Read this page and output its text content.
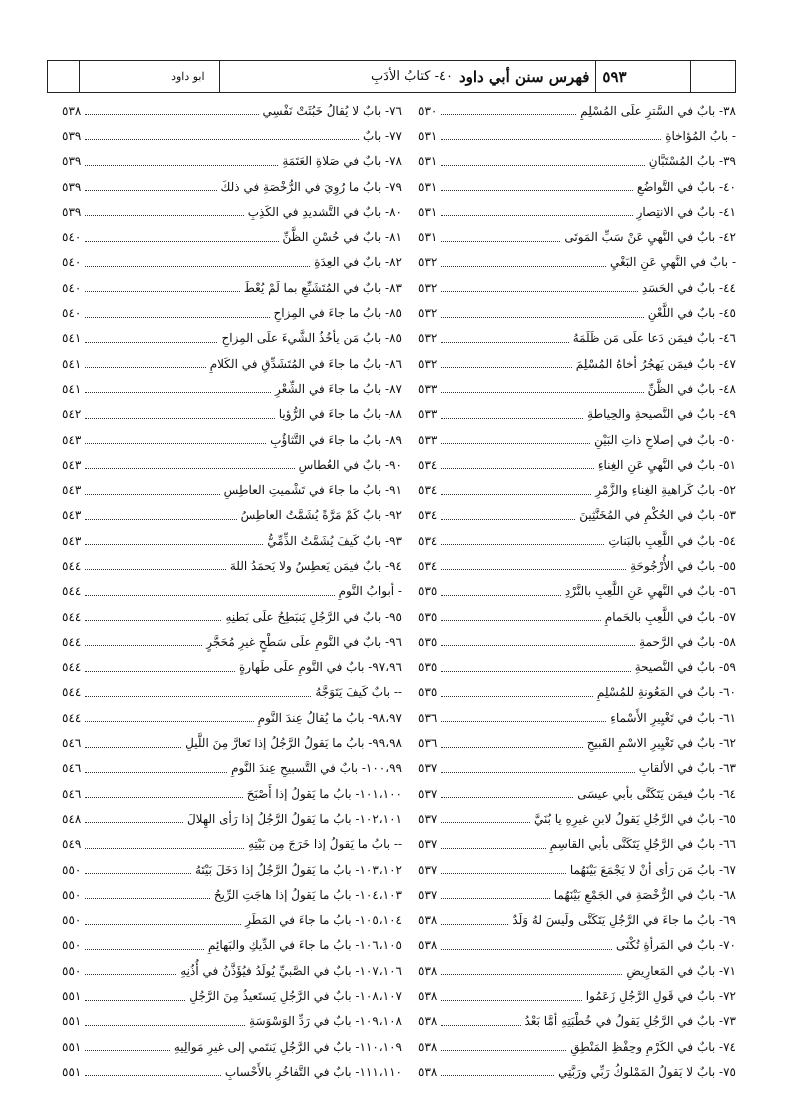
ابو داود	فهرس سنن أبي داود
٤٠- كتابُ الأدَبِ	٥٩٣
٣٨- بابٌ في السَّترِ علَى المُسْلِمِ
٥٣٠
- بابُ المُؤاخاةِ
٥٣١
٣٩- بابُ المُسْتَبَّانِ
٥٣١
٤٠- بابٌ في التَّواضُعِ
٥٣١
٤١- بابٌ في الانتِصارِ
٥٣١
٤٢- بابٌ في النَّهيِ عَنْ سَبِّ المَوتَى
٥٣١
- بابٌ في النَّهيِ عَنِ البَغْيِ
٥٣٢
٤٤- بابٌ في الحَسَدِ
٥٣٢
٤٥- بابٌ في اللَّعْنِ
٥٣٢
٤٦- بابٌ فيمَن دَعا علَى مَن ظَلَمَهُ
٥٣٢
٤٧- بابٌ فيمَن يَهجُرُ أخاهُ المُسْلِمَ
٥٣٢
٤٨- بابٌ في الظَّنِّ
٥٣٣
٤٩- بابٌ في النَّصيحةِ والحِياطةِ
٥٣٣
٥٠- بابٌ في إصلاحِ ذاتِ البَيْنِ
٥٣٣
٥١- بابٌ في النَّهيِ عَنِ الغِناءِ
٥٣٤
٥٢- بابُ كَراهيةِ الغِناءِ والزَّمْرِ
٥٣٤
٥٣- بابٌ في الحُكْمِ في المُخَنَّثِينَ
٥٣٤
٥٤- بابٌ في اللَّعِبِ بالبَناتِ
٥٣٤
٥٥- بابٌ في الأُرْجُوحَةِ
٥٣٤
٥٦- بابٌ في النَّهيِ عَنِ اللَّعِبِ بالنَّرْدِ
٥٣٥
٥٧- بابٌ في اللَّعِبِ بالحَمامِ
٥٣٥
٥٨- بابٌ في الرَّحمةِ
٥٣٥
٥٩- بابٌ في النَّصيحةِ
٥٣٥
٦٠- بابٌ في المَعُونةِ للمُسْلِمِ
٥٣٥
٦١- بابٌ في تَغْيِيرِ الأَسْماءِ
٥٣٦
٦٢- بابٌ في تَغْيِيرِ الاسْمِ القَبيحِ
٥٣٦
٦٣- بابٌ في الألقابِ
٥٣٧
٦٤- بابٌ فيمَن يَتَكَنَّى بأبي عيسَى
٥٣٧
٦٥- بابٌ في الرَّجُلِ يَقولُ لابنِ غيرِهِ يا بُنَيَّ
٥٣٧
٦٦- بابٌ في الرَّجُلِ يَتَكَنَّى بأبي القاسِمِ
٥٣٧
٦٧- بابُ مَن رَأى أنْ لا يَجْمَعَ بَيْنَهُما
٥٣٧
٦٨- بابٌ في الرُّخْصَةِ في الجَمْعِ بَيْنَهُما
٥٣٧
٦٩- بابُ ما جاءَ في الرَّجُلِ يَتَكَنَّى ولَيسَ لهُ وَلَدٌ
٥٣٨
٧٠- بابٌ في المَرأةِ تُكْنَى
٥٣٨
٧١- بابٌ في المَعارِيضِ
٥٣٨
٧٢- بابٌ في قَولِ الرَّجُلِ زَعَمُوا
٥٣٨
٧٣- بابٌ في الرَّجُلِ يَقولُ في خُطْبَتِهِ أمَّا بَعْدُ
٥٣٨
٧٤- بابٌ في الكَرْمِ وحِفْظِ المَنْطِقِ
٥٣٨
٧٥- بابٌ لا يَقولُ المَمْلوكُ رَبِّي ورَبَّتِي
٥٣٨
٧٦- بابٌ لا يُقالُ خَبُثَتْ نَفْسِي
٥٣٨
٧٧- بابٌ
٥٣٩
٧٨- بابٌ في صَلاةِ العَتَمَةِ
٥٣٩
٧٩- بابُ ما رُوِيَ في الرُّخْصَةِ في ذلكَ
٥٣٩
٨٠- بابٌ في التَّشديدِ في الكَذِبِ
٥٣٩
٨١- بابٌ في حُسْنِ الظَّنِّ
٥٤٠
٨٢- بابٌ في العِدَةِ
٥٤٠
٨٣- بابٌ في المُتَشَبِّعِ بما لَمْ يُعْطَ
٥٤٠
٨٥- بابُ ما جاءَ في المِزاحِ
٥٤٠
٨٥- بابُ مَن يأخُذُ الشَّيءَ علَى المِزاحِ
٥٤١
٨٦- بابُ ما جاءَ في المُتَشَدِّقِ في الكَلامِ
٥٤١
٨٧- بابُ ما جاءَ في الشِّعْرِ
٥٤١
٨٨- بابُ ما جاءَ في الرُّؤيا
٥٤٢
٨٩- بابُ ما جاءَ في التَّثاؤُبِ
٥٤٣
٩٠- بابٌ في العُطاسِ
٥٤٣
٩١- بابُ ما جاءَ في تَشْميتِ العاطِسِ
٥٤٣
٩٢- بابٌ كَمْ مَرَّةً يُشَمَّتُ العاطِسُ
٥٤٣
٩٣- بابٌ كَيفَ يُشَمَّتُ الذِّمِّيُّ
٥٤٣
٩٤- بابٌ فيمَن يَعطِسُ ولا يَحمَدُ اللهَ
٥٤٤
- أبوابُ النَّومِ
٥٤٤
٩٥- بابٌ في الرَّجُلِ يَنبَطِحُ علَى بَطنِهِ
٥٤٤
٩٦- بابٌ في النَّومِ علَى سَطْحٍ غيرِ مُحَجَّرٍ
٥٤٤
٩٧،٩٦- بابٌ في النَّومِ علَى طَهارةٍ
٥٤٤
-- بابٌ كَيفَ يَتَوَجَّهُ
٥٤٤
٩٨،٩٧- بابُ ما يُقالُ عِندَ النَّومِ
٥٤٤
٩٩،٩٨- بابُ ما يَقولُ الرَّجُلُ إذا تَعارَّ مِنَ اللَّيلِ
٥٤٦
١٠٠،٩٩- بابٌ في التَّسبيحِ عِندَ النَّومِ
٥٤٦
١٠١،١٠٠- بابُ ما يَقولُ إذا أَصْبَحَ
٥٤٦
١٠٢،١٠١- بابُ ما يَقولُ الرَّجُلُ إذا رَأى الهِلالَ
٥٤٨
-- بابُ ما يَقولُ إذا خَرَجَ مِن بَيْتِهِ
٥٤٩
١٠٣،١٠٢- بابُ ما يَقولُ الرَّجُلُ إذا دَخَلَ بَيْتَهُ
٥٥٠
١٠٤،١٠٣- بابُ ما يَقولُ إذا هاجَتِ الرِّيحُ
٥٥٠
١٠٥،١٠٤- بابُ ما جاءَ في المَطَرِ
٥٥٠
١٠٦،١٠٥- بابُ ما جاءَ في الدِّيكِ والبَهائِمِ
٥٥٠
١٠٧،١٠٦- بابٌ في الصَّبيِّ يُولَدُ فيُؤَذَّنُ في أُذُنِهِ
٥٥٠
١٠٨،١٠٧- بابٌ في الرَّجُلِ يَستَعيذُ مِنَ الرَّجُلِ
٥٥١
١٠٩،١٠٨- بابٌ في رَدِّ الوَسْوَسَةِ
٥٥١
١١٠،١٠٩- بابٌ في الرَّجُلِ يَنتَمي إلى غيرِ مَوالِيهِ
٥٥١
١١١،١١٠- بابٌ في التَّفاخُرِ بالأَحْسابِ
٥٥١
